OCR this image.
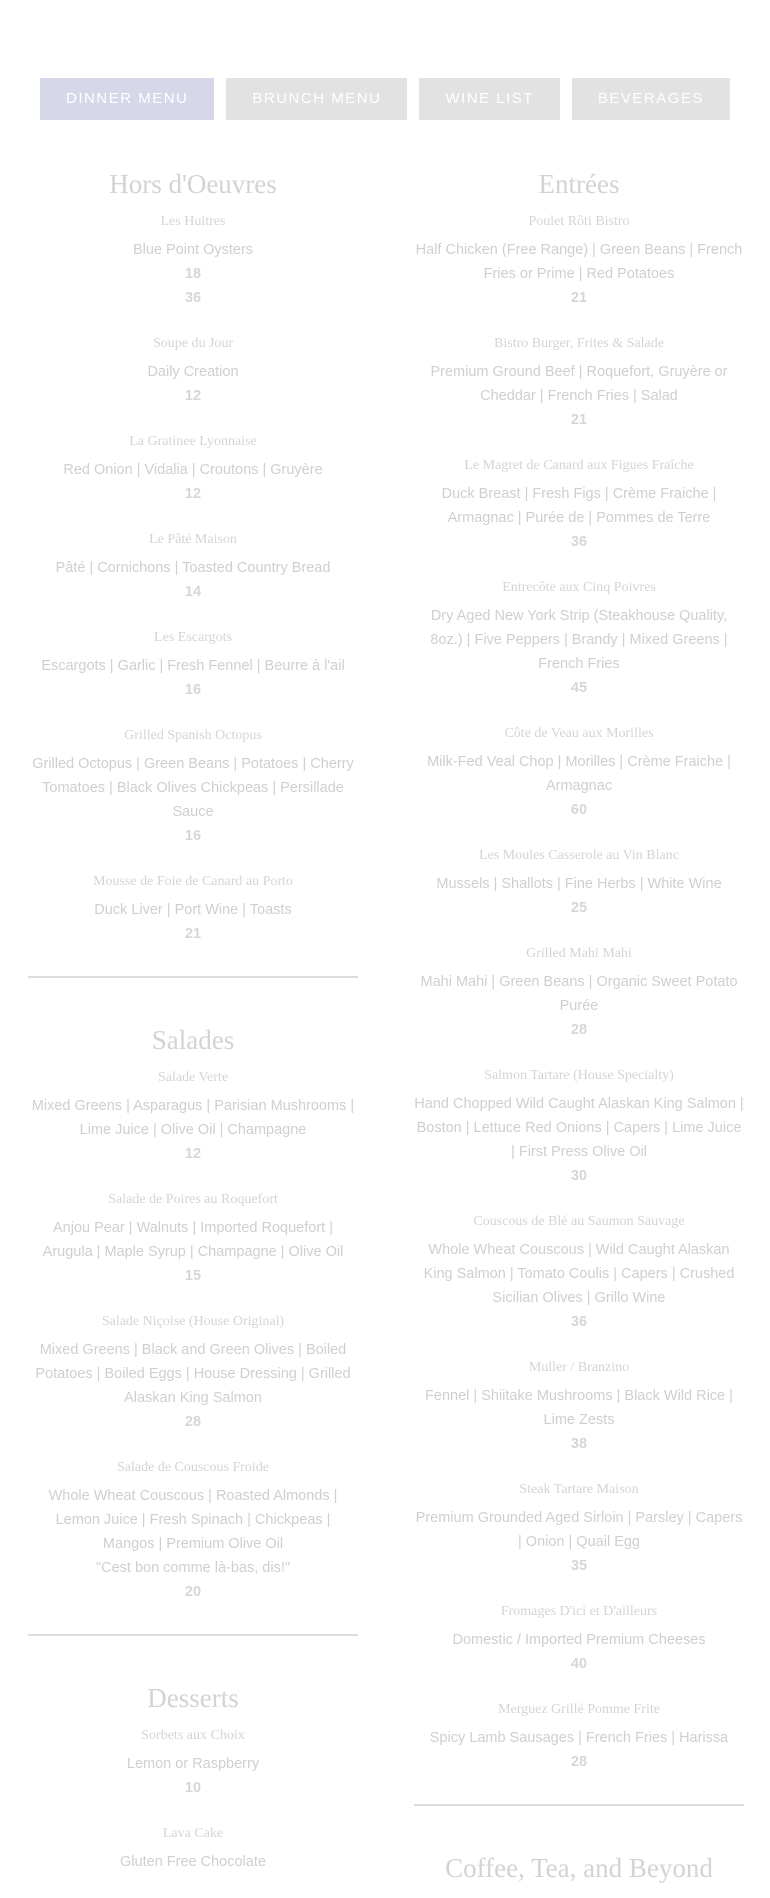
DINNER MENU	BRUNCH MENU	WINE LIST	BEVERAGES
Hors d'Oeuvres
Les Huitres
Blue Point Oysters
18
36
Soupe du Jour
Daily Creation
12
La Gratinee Lyonnaise
Red Onion | Vidalia | Croutons | Gruyère
12
Le Pâté Maison
Pâté | Cornichons | Toasted Country Bread
14
Les Escargots
Escargots | Garlic | Fresh Fennel | Beurre à l'ail
16
Grilled Spanish Octopus
Grilled Octopus | Green Beans | Potatoes | Cherry Tomatoes | Black Olives Chickpeas | Persillade Sauce
16
Mousse de Foie de Canard au Porto
Duck Liver | Port Wine | Toasts
21
Salades
Salade Verte
Mixed Greens | Asparagus | Parisian Mushrooms | Lime Juice | Olive Oil | Champagne
12
Salade de Poires au Roquefort
Anjou Pear | Walnuts | Imported Roquefort | Arugula | Maple Syrup | Champagne | Olive Oil
15
Salade Niçoise (House Original)
Mixed Greens | Black and Green Olives | Boiled Potatoes | Boiled Eggs | House Dressing | Grilled Alaskan King Salmon
28
Salade de Couscous Froide
Whole Wheat Couscous | Roasted Almonds | Lemon Juice | Fresh Spinach | Chickpeas | Mangos | Premium Olive Oil
"Cest bon comme là-bas, dis!"
20
Desserts
Sorbets aux Choix
Lemon or Raspberry
10
Lava Cake
Gluten Free Chocolate
Entrées
Poulet Rôti Bistro
Half Chicken (Free Range) | Green Beans | French Fries or Prime | Red Potatoes
21
Bistro Burger, Frites & Salade
Premium Ground Beef | Roquefort, Gruyère or Cheddar | French Fries | Salad
21
Le Magret de Canard aux Figues Fraîche
Duck Breast | Fresh Figs | Crème Fraiche | Armagnac | Purée de | Pommes de Terre
36
Entrecôte aux Cinq Poivres
Dry Aged New York Strip (Steakhouse Quality, 8oz.) | Five Peppers | Brandy | Mixed Greens | French Fries
45
Côte de Veau aux Morilles
Milk-Fed Veal Chop | Morilles | Crème Fraiche | Armagnac
60
Les Moules Casserole au Vin Blanc
Mussels | Shallots | Fine Herbs | White Wine
25
Grilled Mahi Mahi
Mahi Mahi | Green Beans | Organic Sweet Potato Purée
28
Salmon Tartare (House Specialty)
Hand Chopped Wild Caught Alaskan King Salmon | Boston | Lettuce Red Onions | Capers | Lime Juice | First Press Olive Oil
30
Couscous de Blé au Saumon Sauvage
Whole Wheat Couscous | Wild Caught Alaskan King Salmon | Tomato Coulis | Capers | Crushed Sicilian Olives | Grillo Wine
36
Muller / Branzino
Fennel | Shiitake Mushrooms | Black Wild Rice | Lime Zests
38
Steak Tartare Maison
Premium Grounded Aged Sirloin | Parsley | Capers | Onion | Quail Egg
35
Fromages D'ici et D'ailleurs
Domestic / Imported Premium Cheeses
40
Merguez Grillé Pomme Frite
Spicy Lamb Sausages | French Fries | Harissa
28
Coffee, Tea, and Beyond
